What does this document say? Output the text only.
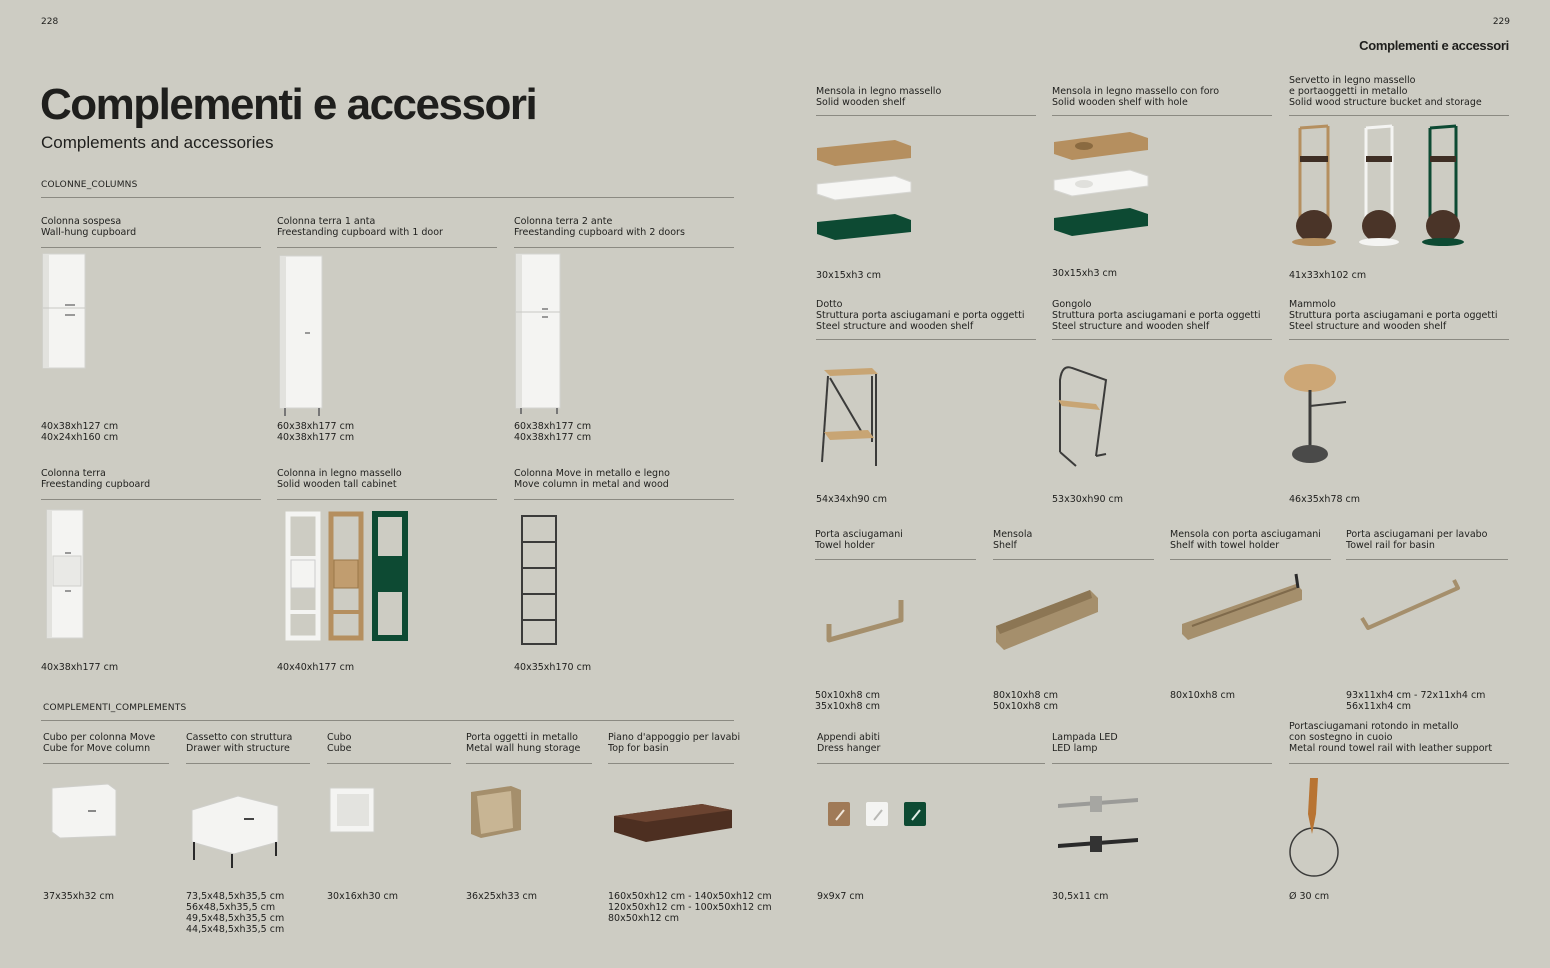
228
Complementi e accessori
Complements and accessories
COLONNE_COLUMNS
COMPLEMENTI_COMPLEMENTS
Colonna sospesa
Wall-hung cupboard
40x38xh127 cm
40x24xh160 cm
Colonna terra 1 anta
Freestanding cupboard with 1 door
60x38xh177 cm
40x38xh177 cm
Colonna terra 2 ante
Freestanding cupboard with 2 doors
60x38xh177 cm
40x38xh177 cm
Colonna terra
Freestanding cupboard
40x38xh177 cm
Colonna in legno massello
Solid wooden tall cabinet
40x40xh177 cm
Colonna Move in metallo e legno
Move column in metal and wood
40x35xh170 cm
Cubo per colonna Move
Cube for Move column
37x35xh32 cm
Cassetto con struttura
Drawer with structure
73,5x48,5xh35,5 cm
56x48,5xh35,5 cm
49,5x48,5xh35,5 cm
44,5x48,5xh35,5 cm
Cubo
Cube
30x16xh30 cm
Porta oggetti in metallo
Metal wall hung storage
36x25xh33 cm
Piano d'appoggio per lavabi
Top for basin
160x50xh12 cm - 140x50xh12 cm
120x50xh12 cm - 100x50xh12 cm
80x50xh12 cm
229
Complementi e accessori
Mensola in legno massello
Solid wooden shelf
30x15xh3 cm
Mensola in legno massello con foro
Solid wooden shelf with hole
30x15xh3 cm
Servetto in legno massello
e portaoggetti in metallo
Solid wood structure bucket and storage
41x33xh102 cm
Dotto
Struttura porta asciugamani e porta oggetti
Steel structure and wooden shelf
54x34xh90 cm
Gongolo
Struttura porta asciugamani e porta oggetti
Steel structure and wooden shelf
53x30xh90 cm
Mammolo
Struttura porta asciugamani e porta oggetti
Steel structure and wooden shelf
46x35xh78 cm
Porta asciugamani
Towel holder
50x10xh8 cm
35x10xh8 cm
Mensola
Shelf
80x10xh8 cm
50x10xh8 cm
Mensola con porta asciugamani
Shelf with towel holder
80x10xh8 cm
Porta asciugamani per lavabo
Towel rail for basin
93x11xh4 cm - 72x11xh4 cm
56x11xh4 cm
Appendi abiti
Dress hanger
9x9x7 cm
Lampada LED
LED lamp
30,5x11 cm
Portasciugamani rotondo in metallo
con sostegno in cuoio
Metal round towel rail with leather support
Ø 30 cm
